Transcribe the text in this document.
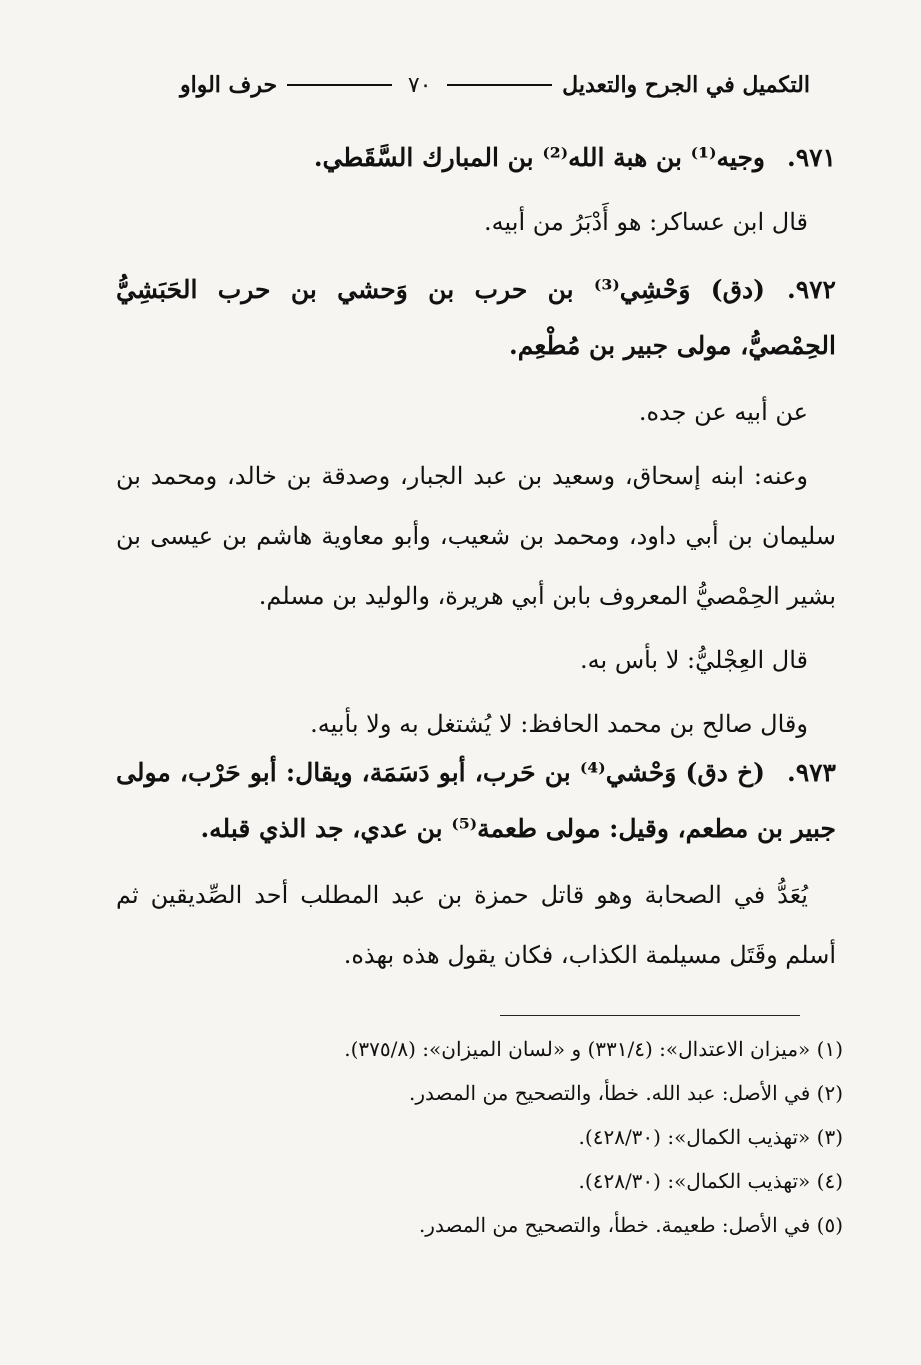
التكميل في الجرح والتعديل
٧٠
حرف الواو
٩٧١.وجيه⁽¹⁾ بن هبة الله⁽²⁾ بن المبارك السَّقَطي.
قال ابن عساكر: هو أَدْبَرُ من أبيه.
٩٧٢.(دق) وَحْشِي⁽³⁾ بن حرب بن وَحشي بن حرب الحَبَشِيُّ الحِمْصيُّ، مولى جبير بن مُطْعِم.
عن أبيه عن جده.
وعنه: ابنه إسحاق، وسعيد بن عبد الجبار، وصدقة بن خالد، ومحمد بن سليمان بن أبي داود، ومحمد بن شعيب، وأبو معاوية هاشم بن عيسى بن بشير الحِمْصيُّ المعروف بابن أبي هريرة، والوليد بن مسلم.
قال العِجْليُّ: لا بأس به.
وقال صالح بن محمد الحافظ: لا يُشتغل به ولا بأبيه.
٩٧٣.(خ دق) وَحْشي⁽⁴⁾ بن حَرب، أبو دَسَمَة، ويقال: أبو حَرْب، مولى جبير بن مطعم، وقيل: مولى طعمة⁽⁵⁾ بن عدي، جد الذي قبله.
يُعَدُّ في الصحابة وهو قاتل حمزة بن عبد المطلب أحد الصِّديقين ثم أسلم وقَتَل مسيلمة الكذاب، فكان يقول هذه بهذه.
(١) «ميزان الاعتدال»: (٣٣١/٤) و «لسان الميزان»: (٣٧٥/٨).
(٢) في الأصل: عبد الله. خطأ، والتصحيح من المصدر.
(٣) «تهذيب الكمال»: (٤٢٨/٣٠).
(٤) «تهذيب الكمال»: (٤٢٨/٣٠).
(٥) في الأصل: طعيمة. خطأ، والتصحيح من المصدر.
